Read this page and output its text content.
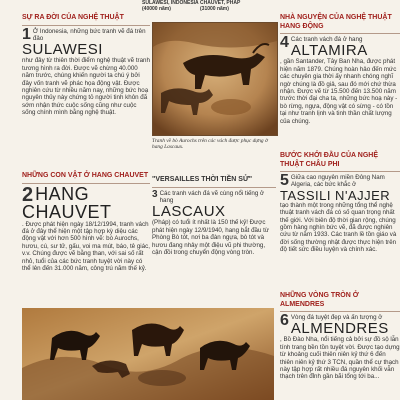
SULAWESI, INDONESIA
(40000 năm)
SỰ RA ĐỜI CỦA NGHỆ THUẬT
1 Ở Indonesia, những bức tranh vẽ đá trên đảo

SULAWESI

như đây từ thiên thời điểm nghệ thuật vẽ tranh tương hình ra đời. Được vẽ chừng 40.000 năm trước, chúng khiến người ta chú ý bởi đây vốn tranh vẽ phác họa động vật. Được nghiên cứu từ nhiều năm nay, những bức hoạ nguyên thủy này chứng tỏ người tinh khôn đã sớm nhận thức cuộc sống cũng như cuộc sống chính mình bằng nghệ thuật.

NHỮNG CON VẬT Ở HANG CHAUVET
2 HANG
CHAUVET

. Được phát hiện ngày 18/12/1994, tranh vách đá ở đây thể hiện một tập hợp kỳ diệu các động vật với hơn 500 hình vẽ: bò Aurochs, hươu, cú, sư tử, gấu, voi ma mút, báo, tê giác, v.v. Chúng được vẽ bằng than, với sai số rất nhỏ, tuổi của các bức tranh tuyệt vời này có thể lên đến 31.000 năm, công trú năm thế kỷ.

Tranh về bò Aurochs trên các vách được phục dựng ở hang Lascaux.
"VERSAILLES THỜI TIỀN SỬ"
3 Các tranh vách đá vẽ cùng nổi tiếng ở hang

LASCAUX

(Pháp) có tuổi ít nhất là 150 thế kỷ! Được phát hiện ngày 12/9/1940, hang bắt đầu từ Phòng Bò tót, nơi ba đàn ngựa, bò tót và hươu đang nhảy một điệu vũ phi thường, cận đồi trong chuyển động vòng tròn.

CHAUVET, PHÁP
(31000 năm)
NHÀ NGUYỆN CỦA NGHỆ THUẬT HANG ĐỘNG
4 Các tranh vách đá ở hang

ALTAMIRA

, gần Santander, Tây Ban Nha, được phát hiện năm 1879. Chúng hoàn hảo đến mức các chuyên gia thời ấy nhanh chóng nghĩ ngờ chúng là đồ giả, sau đó mới chứ thừa nhận. Được vẽ từ 15.500 đến 13.500 năm trước thời đại cha ta, những bức hoạ này - bò rừng, ngựa, động vật có sừng - có tồn tại như tranh lịnh và tinh thần chất lượng của chúng.

BƯỚC KHỞI ĐẦU CỦA NGHỆ THUẬT CHÂU PHI
5 Giữa cao nguyên miền Đông Nam Algeria, các bức khắc ở

TASSILI N'AJJER

tạo thành một trong những tổng thể nghệ thuật tranh vách đá có số quan trọng nhất thế giới. Với biên độ thời gian rộng, chúng gồm hàng nghìn bức vẽ, đã được nghiên cứu từ năm 1933. Các tranh lề tồn giáo và đời sống thường nhật được thực hiện trên độ tiết sức điều luyện và chính xác.

NHỮNG VÒNG TRÒN Ở ALMENDRES
6 Vòng đá tuyệt đẹp và ấn tượng ở

ALMENDRES

, Bồ Đào Nha, nổi tiếng cả bởi sự đồ sộ lẫn tính trang bền tồn tuyệt vời. Được tạo dựng từ khoảng cuối thiên niên kỷ thứ 6 đến thiên niên kỷ thứ 3 TCN, quần thể cự thạch này tập hợp rất nhiều đá nguyên khối vẫn thạch trên đỉnh gần bãi tổng tới ba...
